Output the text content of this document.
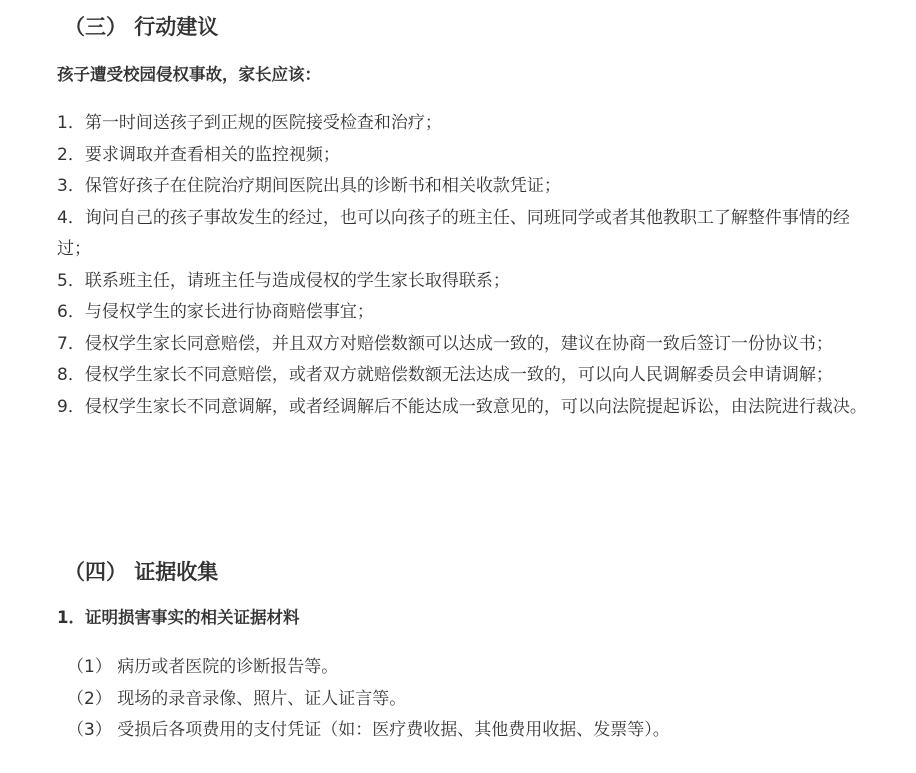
（三） 行动建议
孩子遭受校园侵权事故，家长应该：
1．第一时间送孩子到正规的医院接受检查和治疗；
2．要求调取并查看相关的监控视频；
3．保管好孩子在住院治疗期间医院出具的诊断书和相关收款凭证；
4．询问自己的孩子事故发生的经过，也可以向孩子的班主任、同班同学或者其他教职工了解整件事情的经过；
5．联系班主任，请班主任与造成侵权的学生家长取得联系；
6．与侵权学生的家长进行协商赔偿事宜；
7．侵权学生家长同意赔偿，并且双方对赔偿数额可以达成一致的，建议在协商一致后签订一份协议书；
8．侵权学生家长不同意赔偿，或者双方就赔偿数额无法达成一致的，可以向人民调解委员会申请调解；
9．侵权学生家长不同意调解，或者经调解后不能达成一致意见的，可以向法院提起诉讼，由法院进行裁决。
（四） 证据收集
1．证明损害事实的相关证据材料
（1） 病历或者医院的诊断报告等。
（2） 现场的录音录像、照片、证人证言等。
（3） 受损后各项费用的支付凭证（如：医疗费收据、其他费用收据、发票等）。
